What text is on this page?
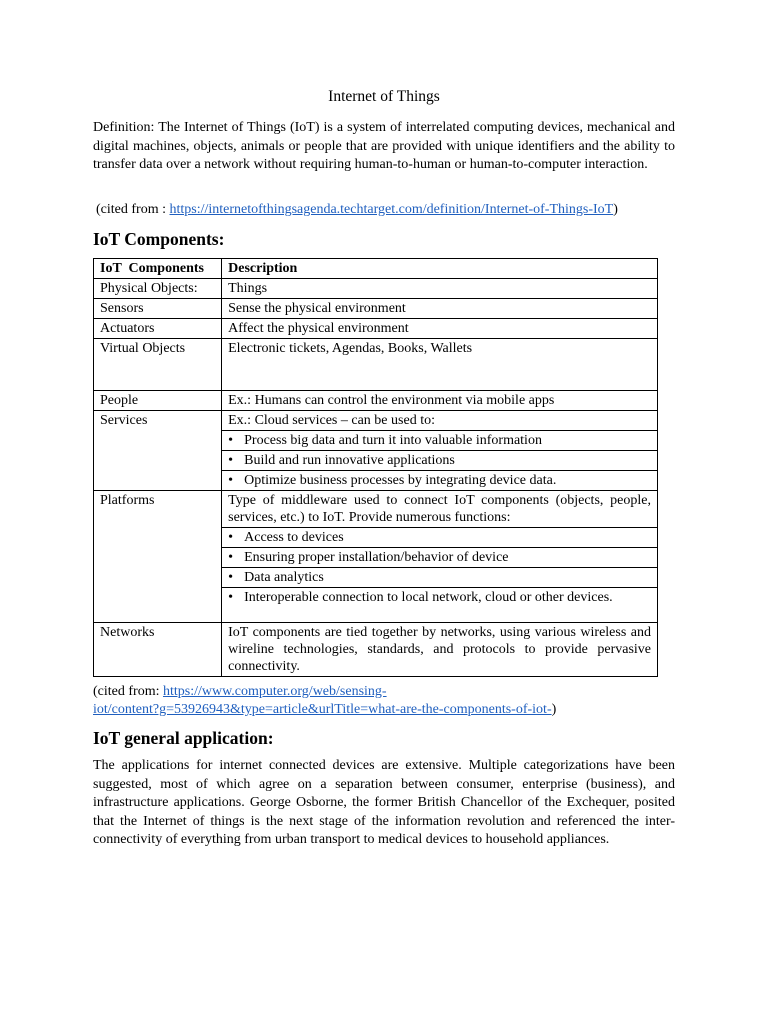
Internet of Things

Definition: The Internet of Things (IoT) is a system of interrelated computing devices, mechanical and digital machines, objects, animals or people that are provided with unique identifiers and the ability to transfer data over a network without requiring human-to-human or human-to-computer interaction.

(cited from : https://internetofthingsagenda.techtarget.com/definition/Internet-of-Things-IoT)

IoT Components:
IoT  Components	Description
Physical Objects:	Things
Sensors	Sense the physical environment
Actuators	Affect the physical environment
Virtual Objects	Electronic tickets, Agendas, Books, Wallets
People	Ex.: Humans can control the environment via mobile apps
Services	Ex.: Cloud services – can be used to:
	• Process big data and turn it into valuable information
	• Build and run innovative applications
	• Optimize business processes by integrating device data.
Platforms	Type of middleware used to connect IoT components (objects, people, services, etc.) to IoT. Provide numerous functions:
	• Access to devices
	• Ensuring proper installation/behavior of device
	• Data analytics
	• Interoperable connection to local network, cloud or other devices.
Networks	IoT components are tied together by networks, using various wireless and wireline technologies, standards, and protocols to provide pervasive connectivity.

(cited from: https://www.computer.org/web/sensing-
iot/content?g=53926943&type=article&urlTitle=what-are-the-components-of-iot-)

IoT general application:

The applications for internet connected devices are extensive. Multiple categorizations have been suggested, most of which agree on a separation between consumer, enterprise (business), and infrastructure applications. George Osborne, the former British Chancellor of the Exchequer, posited that the Internet of things is the next stage of the information revolution and referenced the inter-connectivity of everything from urban transport to medical devices to household appliances.
